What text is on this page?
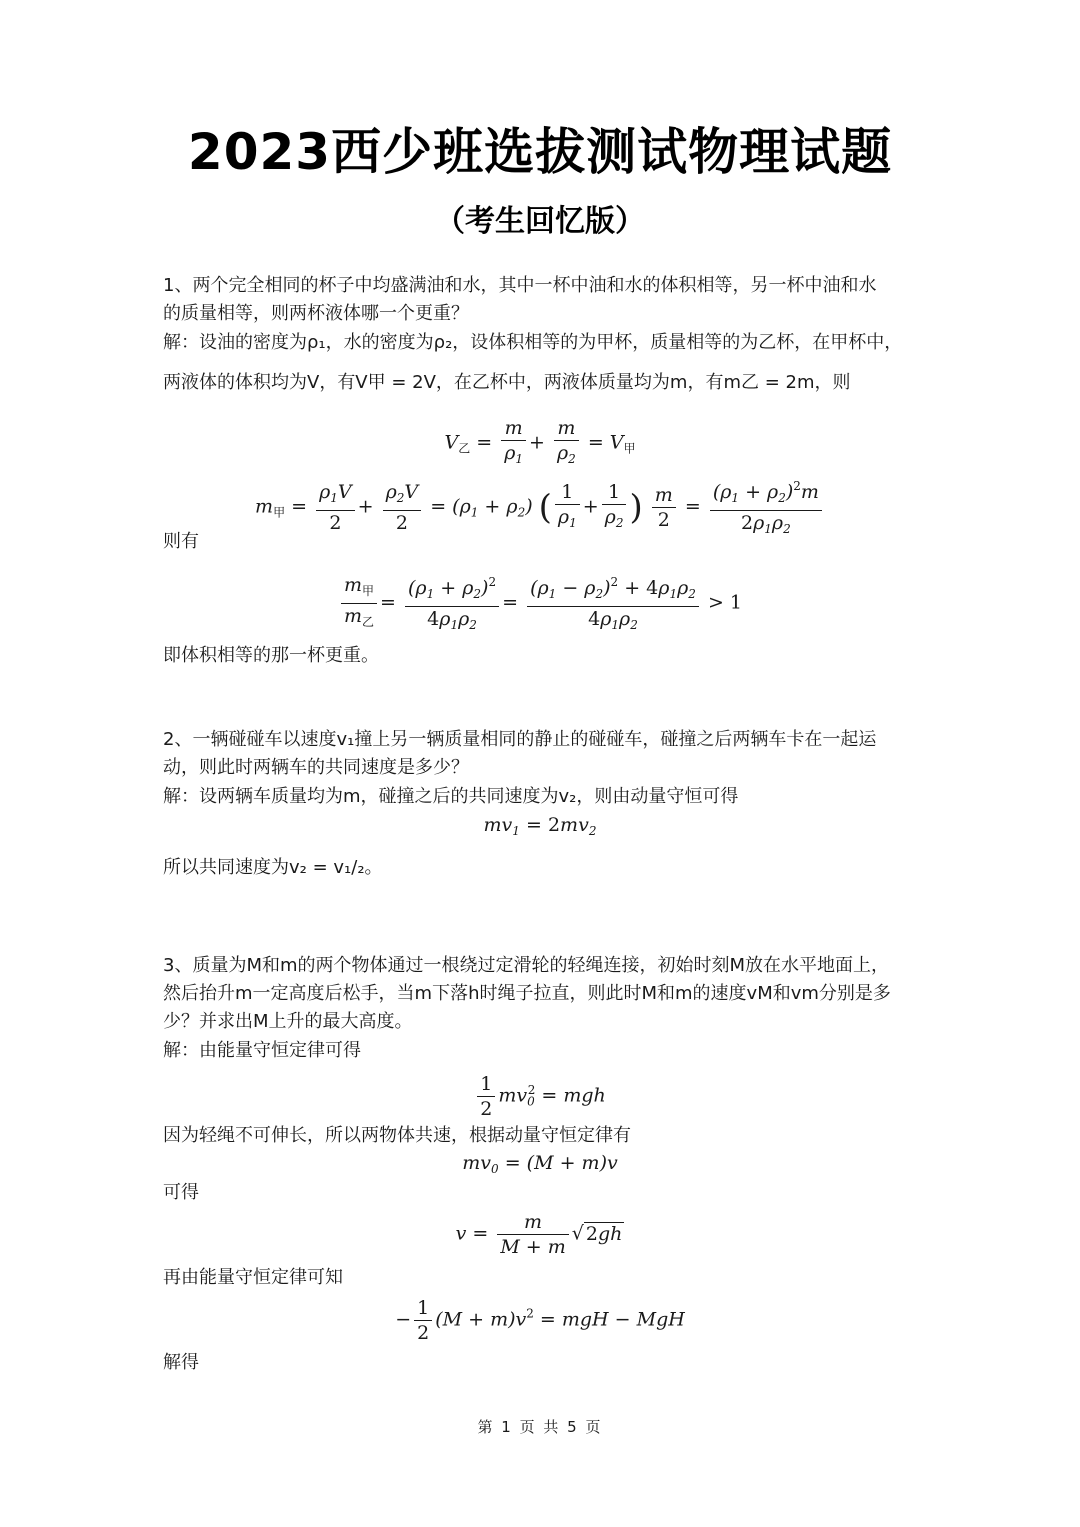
2023西少班选拔测试物理试题
（考生回忆版）
1、两个完全相同的杯子中均盛满油和水，其中一杯中油和水的体积相等，另一杯中油和水
的质量相等，则两杯液体哪一个更重？
解：设油的密度为ρ₁，水的密度为ρ₂，设体积相等的为甲杯，质量相等的为乙杯，在甲杯中，
两液体的体积均为V，有V甲 = 2V，在乙杯中，两液体质量均为m，有m乙 = 2m，则
$V_乙 = \frac{m}{\rho_1} + \frac{m}{\rho_2} = V_甲$
$m_甲 = \frac{\rho_1V}{2} + \frac{\rho_2V}{2} = (\rho_1 + \rho_2)$ ( $\frac{1}{\rho_1} + \frac{1}{\rho_2}$ ) $\frac{m}{2} = \frac{(\rho_1 + \rho_2)^2m}{2\rho_1\rho_2}$
则有
$\frac{m_甲}{m_乙} = \frac{(\rho_1 + \rho_2)^2}{4\rho_1\rho_2} = \frac{(\rho_1 - \rho_2)^2 + 4\rho_1\rho_2}{4\rho_1\rho_2} > 1$
即体积相等的那一杯更重。
2、一辆碰碰车以速度v₁撞上另一辆质量相同的静止的碰碰车，碰撞之后两辆车卡在一起运
动，则此时两辆车的共同速度是多少？
解：设两辆车质量均为m，碰撞之后的共同速度为v₂，则由动量守恒可得
$mv_1 = 2mv_2$
所以共同速度为v₂ = v₁/₂。
3、质量为M和m的两个物体通过一根绕过定滑轮的轻绳连接，初始时刻M放在水平地面上，
然后抬升m一定高度后松手，当m下落h时绳子拉直，则此时M和m的速度vM和vm分别是多
少？并求出M上升的最大高度。
解：由能量守恒定律可得
$\frac{1}{2} mv_0^2$ = mgh
因为轻绳不可伸长，所以两物体共速，根据动量守恒定律有
$mv_0 = (M + m)v$
可得
$v = \frac{m}{M + m}$ √ 2gh
再由能量守恒定律可知
− $\frac{1}{2} (M + m)v^2$ = mgH − MgH
解得
第 1 页 共 5 页
